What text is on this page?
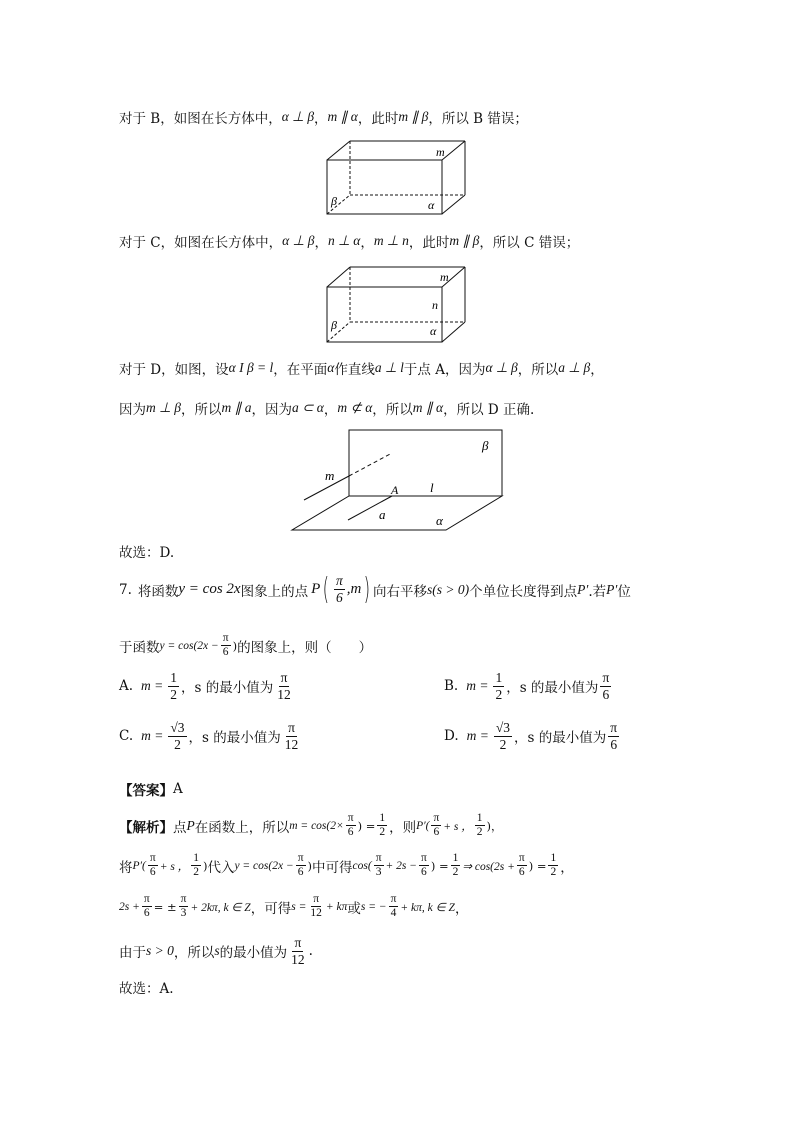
对于 B，如图在长方体中， α ⊥ β ， m ∥ α ，此时 m ∥ β ，所以 B 错误；
m
β	α
对于 C，如图在长方体中， α ⊥ β ， n ⊥ α ， m ⊥ n ，此时 m ∥ β ，所以 C 错误；
m
n
β	α
对于 D，如图，设 α I β = l ，在平面 α 作直线 a ⊥ l 于点 A，因为 α ⊥ β ，所以 a ⊥ β ，
因为 m ⊥ β ，所以 m ∥ a ，因为 a ⊂ α ， m ⊄ α ，所以 m ∥ α ，所以 D 正确.
β
m
A l
a	α
故选：D.
7. 将函数 y = cos 2x 图象上的点 P ( $\frac{\pi}{6} ,m$ ) 向右平移 s(s > 0) 个单位长度得到点 P′ .若 P′ 位
于函数 $y = \cos(2x - \frac{\pi}{6}$ ) 的图象上，则（　　）
A. $m = \frac{1}{2}$ ，s 的最小值为 $\frac{\pi}{12}$	B. $m = \frac{1}{2}$ ，s 的最小值为 $\frac{\pi}{6}$
C. $m = \frac{√3}{2}$ ，s 的最小值为 $\frac{\pi}{12}$	D. $m = \frac{√3}{2}$ ，s 的最小值为 $\frac{\pi}{6}$
【答案】 A
【解析】 点 P 在函数上，所以 $m = \cos(2\times \frac{\pi}{6}$ ) = $\frac{1}{2}$ ，则 $P'( \frac{\pi}{6} + s$ ， $\frac{1}{2}$ )，
将 $P'( \frac{\pi}{6} + s$ ， $\frac{1}{2}$ ) 代入 $y = \cos(2x - \frac{\pi}{6}$ ) 中可得 $\cos( \frac{\pi}{3} + 2s - \frac{\pi}{6}$ ) = $\frac{1}{2}$ ⇒ $\cos(2s + \frac{\pi}{6}$ ) = $\frac{1}{2}$ ，
$2s + \frac{\pi}{6}$ = ± $\frac{\pi}{3} + 2k\pi$, k ∈ Z ，可得 $s = \frac{\pi}{12} + k\pi$ 或 s = − $\frac{\pi}{4} + k\pi$, k ∈ Z ，
由于 s > 0 ，所以 s 的最小值为 $\frac{\pi}{12}$ .
故选：A.
